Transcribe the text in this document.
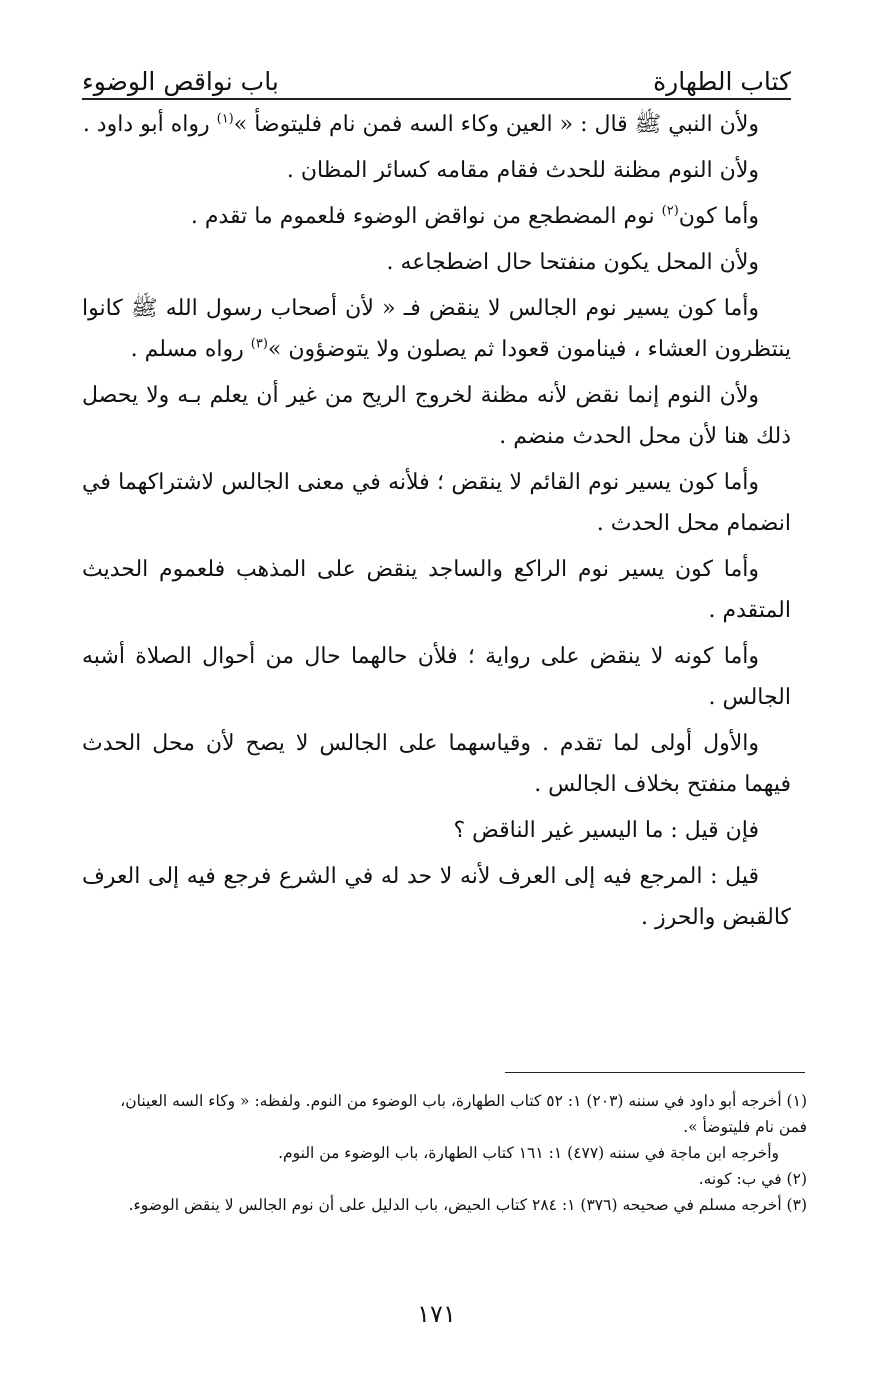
كتاب الطهارة
باب نواقص الوضوء

ولأن النبي ﷺ قال : « العين وكاء السه فمن نام فليتوضأ »$^{(١)}$ رواه أبو داود .

ولأن النوم مظنة للحدث فقام مقامه كسائر المظان .

وأما كون$^{(٢)}$ نوم المضطجع من نواقض الوضوء فلعموم ما تقدم .

ولأن المحل يكون منفتحا حال اضطجاعه .

وأما كون يسير نوم الجالس لا ينقض فـ « لأن أصحاب رسول الله ﷺ كانوا ينتظرون العشاء ، فينامون قعودا ثم يصلون ولا يتوضؤون »$^{(٣)}$ رواه مسلم .

ولأن النوم إنما نقض لأنه مظنة لخروج الريح من غير أن يعلم بـه ولا يحصل ذلك هنا لأن محل الحدث منضم .

وأما كون يسير نوم القائم لا ينقض ؛ فلأنه في معنى الجالس لاشتراكهما في انضمام محل الحدث .

وأما كون يسير نوم الراكع والساجد ينقض على المذهب فلعموم الحديث المتقدم .

وأما كونه لا ينقض على رواية ؛ فلأن حالهما حال من أحوال الصلاة أشبه الجالس .

والأول أولى لما تقدم . وقياسهما على الجالس لا يصح لأن محل الحدث فيهما منفتح بخلاف الجالس .

فإن قيل : ما اليسير غير الناقض ؟

قيل : المرجع فيه إلى العرف لأنه لا حد له في الشرع فرجع فيه إلى العرف كالقبض والحرز .

(١) أخرجه أبو داود في سننه (٢٠٣) ١: ٥٢ كتاب الطهارة، باب الوضوء من النوم. ولفظه: « وكاء السه العينان، فمن نام فليتوضأ ».

وأخرجه ابن ماجة في سننه (٤٧٧) ١: ١٦١ كتاب الطهارة، باب الوضوء من النوم.

(٢) في ب: كونه.

(٣) أخرجه مسلم في صحيحه (٣٧٦) ١: ٢٨٤ كتاب الحيض، باب الدليل على أن نوم الجالس لا ينقض الوضوء.

١٧١
